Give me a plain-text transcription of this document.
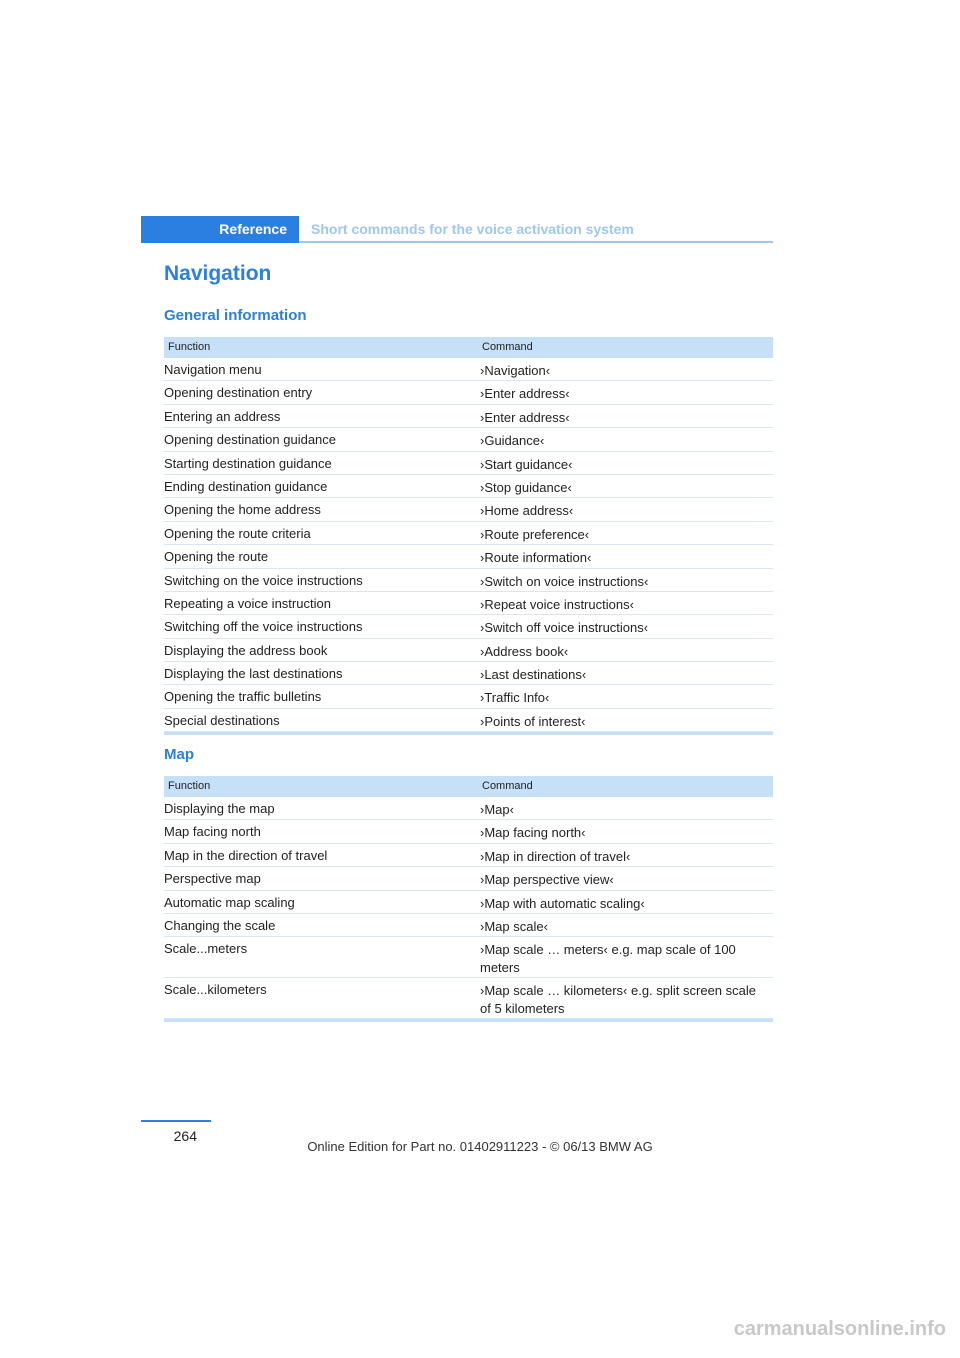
Reference	Short commands for the voice activation system
Navigation
General information
Function	Command
Navigation menu	›Navigation‹
Opening destination entry	›Enter address‹
Entering an address	›Enter address‹
Opening destination guidance	›Guidance‹
Starting destination guidance	›Start guidance‹
Ending destination guidance	›Stop guidance‹
Opening the home address	›Home address‹
Opening the route criteria	›Route preference‹
Opening the route	›Route information‹
Switching on the voice instructions	›Switch on voice instructions‹
Repeating a voice instruction	›Repeat voice instructions‹
Switching off the voice instructions	›Switch off voice instructions‹
Displaying the address book	›Address book‹
Displaying the last destinations	›Last destinations‹
Opening the traffic bulletins	›Traffic Info‹
Special destinations	›Points of interest‹
Map
Function	Command
Displaying the map	›Map‹
Map facing north	›Map facing north‹
Map in the direction of travel	›Map in direction of travel‹
Perspective map	›Map perspective view‹
Automatic map scaling	›Map with automatic scaling‹
Changing the scale	›Map scale‹
Scale...meters	›Map scale … meters‹ e.g. map scale of 100 meters
Scale...kilometers	›Map scale … kilometers‹ e.g. split screen scale of 5 kilometers
264
Online Edition for Part no. 01402911223 - © 06/13 BMW AG
carmanualsonline.info
